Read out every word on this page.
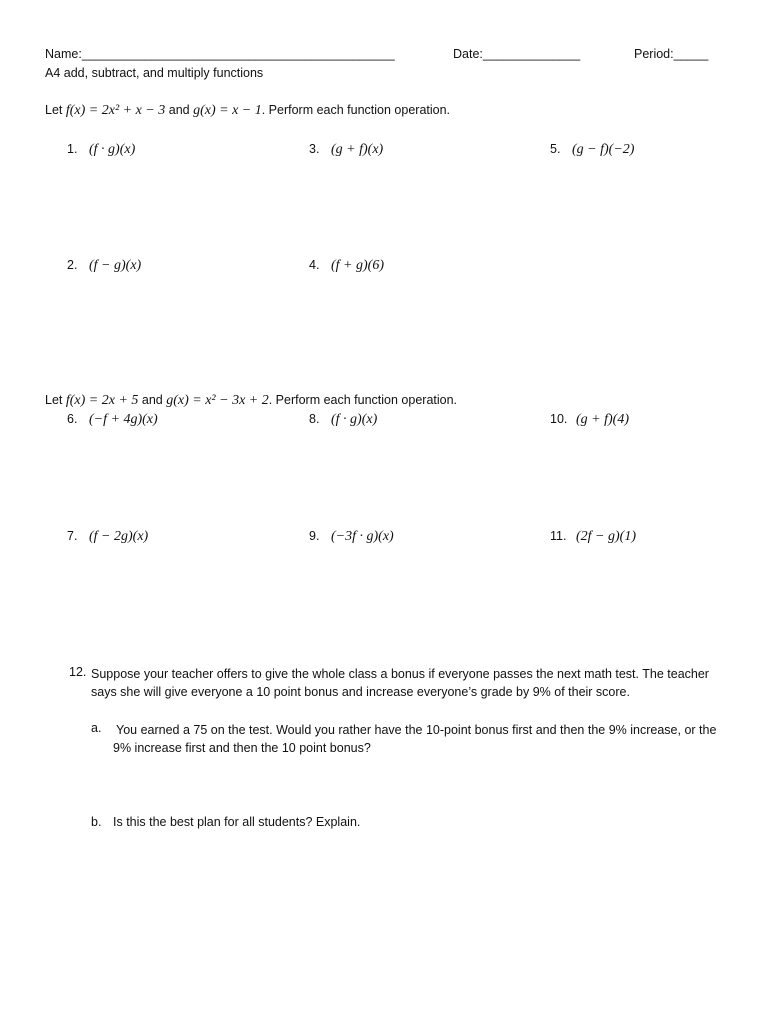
Name:_____________________________________________	Date:______________	Period:_____
A4 add, subtract, and multiply functions
Let f(x) = 2x² + x − 3 and g(x) = x − 1. Perform each function operation.
1. (f · g)(x)
2. (f − g)(x)
3. (g + f)(x)
4. (f + g)(6)
5. (g − f)(−2)
Let f(x) = 2x + 5 and g(x) = x² − 3x + 2. Perform each function operation.
6. (−f + 4g)(x)
7. (f − 2g)(x)
8. (f · g)(x)
9. (−3f · g)(x)
10. (g + f)(4)
11. (2f − g)(1)
12. Suppose your teacher offers to give the whole class a bonus if everyone passes the next math test. The teacher says she will give everyone a 10 point bonus and increase everyone’s grade by 9% of their score.
a. You earned a 75 on the test. Would you rather have the 10-point bonus first and then the 9% increase, or the 9% increase first and then the 10 point bonus?
b. Is this the best plan for all students? Explain.
